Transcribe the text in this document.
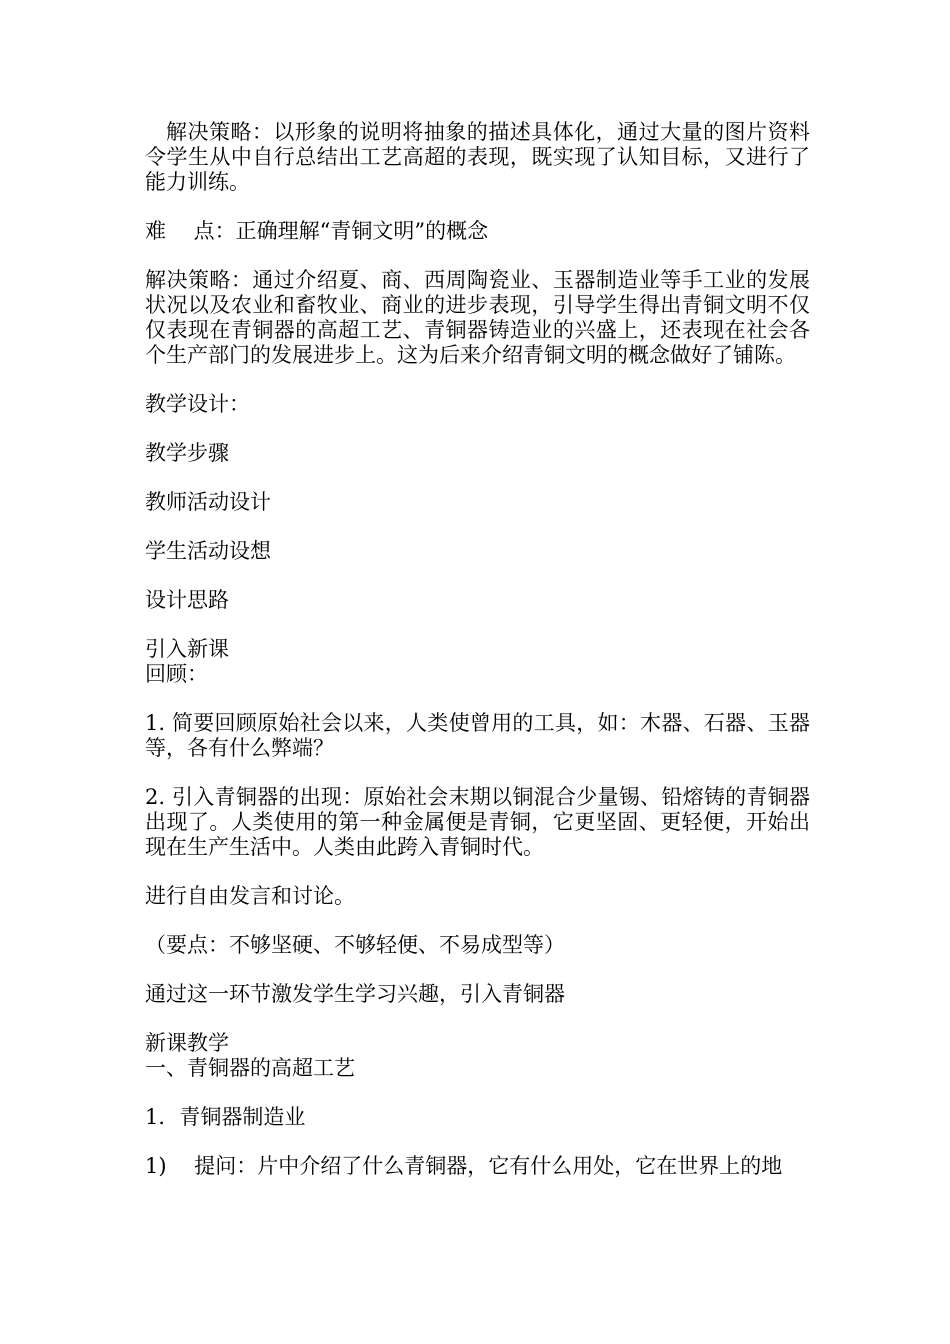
解决策略：以形象的说明将抽象的描述具体化，通过大量的图片资料令学生从中自行总结出工艺高超的表现，既实现了认知目标，又进行了能力训练。

难　 点：正确理解“青铜文明”的概念

解决策略：通过介绍夏、商、西周陶瓷业、玉器制造业等手工业的发展状况以及农业和畜牧业、商业的进步表现，引导学生得出青铜文明不仅仅表现在青铜器的高超工艺、青铜器铸造业的兴盛上，还表现在社会各个生产部门的发展进步上。这为后来介绍青铜文明的概念做好了铺陈。

教学设计：

教学步骤

教师活动设计

学生活动设想

设计思路

引入新课

回顾：

1. 简要回顾原始社会以来，人类使曾用的工具，如：木器、石器、玉器等，各有什么弊端？

2. 引入青铜器的出现：原始社会末期以铜混合少量锡、铅熔铸的青铜器出现了。人类使用的第一种金属便是青铜，它更坚固、更轻便，开始出现在生产生活中。人类由此跨入青铜时代。

进行自由发言和讨论。

（要点：不够坚硬、不够轻便、不易成型等）

通过这一环节激发学生学习兴趣，引入青铜器

新课教学

一、青铜器的高超工艺

1．青铜器制造业

1)　 提问：片中介绍了什么青铜器，它有什么用处，它在世界上的地
